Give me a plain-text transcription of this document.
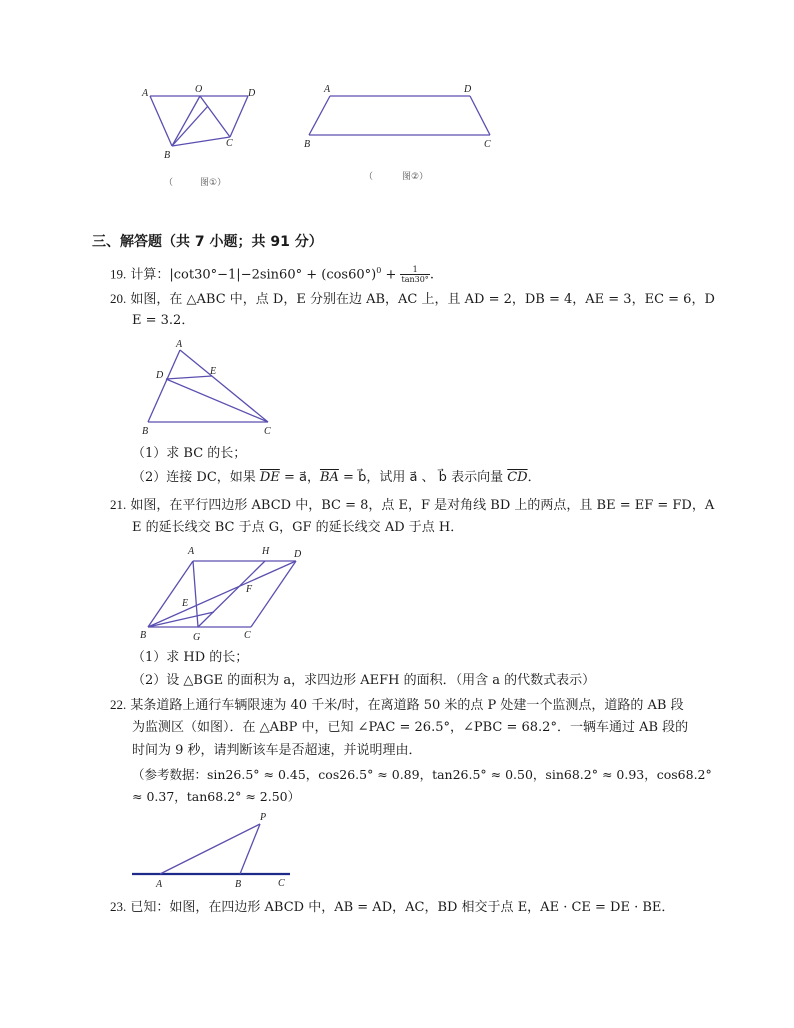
A	O	D
B
C
（	图①）
A	D
B	C
（	图②）
三、解答题（共 7 小题；共 91 分）
19. 计算：$|\cot 30^\circ-1|-2\sin 60^\circ + (\cos 60^\circ)^0 + \frac{1}{\tan 30^\circ}$ .
20. 如图，在 △ABC 中，点 D，E 分别在边 AB，AC 上，且 AD = 2，DB = 4，AE = 3，EC = 6，D
E = 3.2．
A
D	E
B	C
（1）求 BC 的长；
（2）连接 DC，如果 $\overline{DE}$ = a⃗，$\overline{BA}$ = b⃗，试用 a⃗ 、 b⃗ 表示向量 $\overline{CD}$．
21. 如图，在平行四边形 ABCD 中，BC = 8，点 E，F 是对角线 BD 上的两点，且 BE = EF = FD，A
E 的延长线交 BC 于点 G，GF 的延长线交 AD 于点 H．
A	H D
E
F
B	G	C
（1）求 HD 的长；
（2）设 △BGE 的面积为 a，求四边形 AEFH 的面积．（用含 a 的代数式表示）
22. 某条道路上通行车辆限速为 40 千米/时，在离道路 50 米的点 P 处建一个监测点，道路的 AB 段
为监测区（如图）．在 △ABP 中，已知 ∠PAC = 26.5°，∠PBC = 68.2°．一辆车通过 AB 段的
时间为 9 秒，请判断该车是否超速，并说明理由．
（参考数据：sin26.5° ≈ 0.45，cos26.5° ≈ 0.89，tan26.5° ≈ 0.50，sin68.2° ≈ 0.93，cos68.2°
≈ 0.37，tan68.2° ≈ 2.50）
P
A	B	C
23. 已知：如图，在四边形 ABCD 中，AB = AD，AC，BD 相交于点 E，AE · CE = DE · BE．
